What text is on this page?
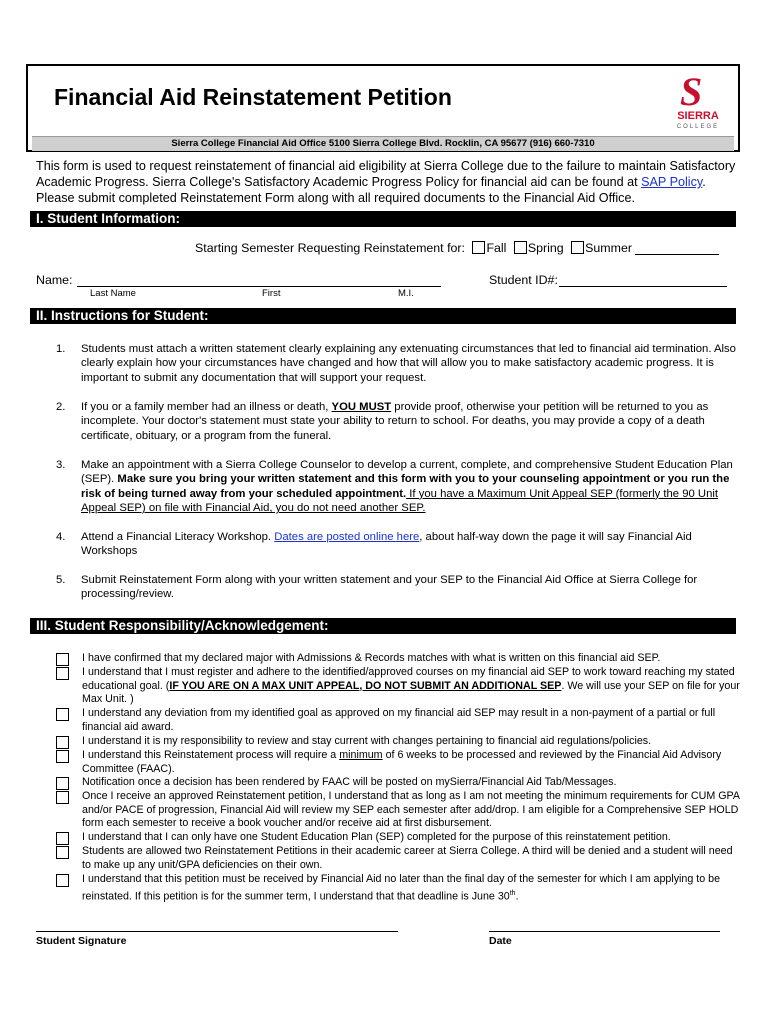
Financial Aid Reinstatement Petition	S
SIERRA
COLLEGE
Sierra College Financial Aid Office 5100 Sierra College Blvd. Rocklin, CA 95677 (916) 660-7310
This form is used to request reinstatement of financial aid eligibility at Sierra College due to the failure to maintain Satisfactory Academic Progress. Sierra College's Satisfactory Academic Progress Policy for financial aid can be found at SAP Policy. Please submit completed Reinstatement Form along with all required documents to the Financial Aid Office.
I. Student Information:
Starting Semester Requesting Reinstatement for: Fall Spring Summer
Name:
Last Name	First	M.I.
Student ID#:
II. Instructions for Student:
1. Students must attach a written statement clearly explaining any extenuating circumstances that led to financial aid termination. Also clearly explain how your circumstances have changed and how that will allow you to make satisfactory academic progress. It is important to submit any documentation that will support your request.
2. If you or a family member had an illness or death, YOU MUST provide proof, otherwise your petition will be returned to you as incomplete. Your doctor's statement must state your ability to return to school. For deaths, you may provide a copy of a death certificate, obituary, or a program from the funeral.
3. Make an appointment with a Sierra College Counselor to develop a current, complete, and comprehensive Student Education Plan (SEP). Make sure you bring your written statement and this form with you to your counseling appointment or you run the risk of being turned away from your scheduled appointment. If you have a Maximum Unit Appeal SEP (formerly the 90 Unit Appeal SEP) on file with Financial Aid, you do not need another SEP.
4. Attend a Financial Literacy Workshop. Dates are posted online here, about half-way down the page it will say Financial Aid Workshops
5. Submit Reinstatement Form along with your written statement and your SEP to the Financial Aid Office at Sierra College for processing/review.
III. Student Responsibility/Acknowledgement:
I have confirmed that my declared major with Admissions & Records matches with what is written on this financial aid SEP.
I understand that I must register and adhere to the identified/approved courses on my financial aid SEP to work toward reaching my stated educational goal. (IF YOU ARE ON A MAX UNIT APPEAL, DO NOT SUBMIT AN ADDITIONAL SEP. We will use your SEP on file for your Max Unit. )
I understand any deviation from my identified goal as approved on my financial aid SEP may result in a non-payment of a partial or full financial aid award.
I understand it is my responsibility to review and stay current with changes pertaining to financial aid regulations/policies.
I understand this Reinstatement process will require a minimum of 6 weeks to be processed and reviewed by the Financial Aid Advisory Committee (FAAC).
Notification once a decision has been rendered by FAAC will be posted on mySierra/Financial Aid Tab/Messages.
Once I receive an approved Reinstatement petition, I understand that as long as I am not meeting the minimum requirements for CUM GPA and/or PACE of progression, Financial Aid will review my SEP each semester after add/drop. I am eligible for a Comprehensive SEP HOLD form each semester to receive a book voucher and/or receive aid at first disbursement.
I understand that I can only have one Student Education Plan (SEP) completed for the purpose of this reinstatement petition.
Students are allowed two Reinstatement Petitions in their academic career at Sierra College. A third will be denied and a student will need to make up any unit/GPA deficiencies on their own.
I understand that this petition must be received by Financial Aid no later than the final day of the semester for which I am applying to be reinstated. If this petition is for the summer term, I understand that that deadline is June 30th.
Student Signature	Date
